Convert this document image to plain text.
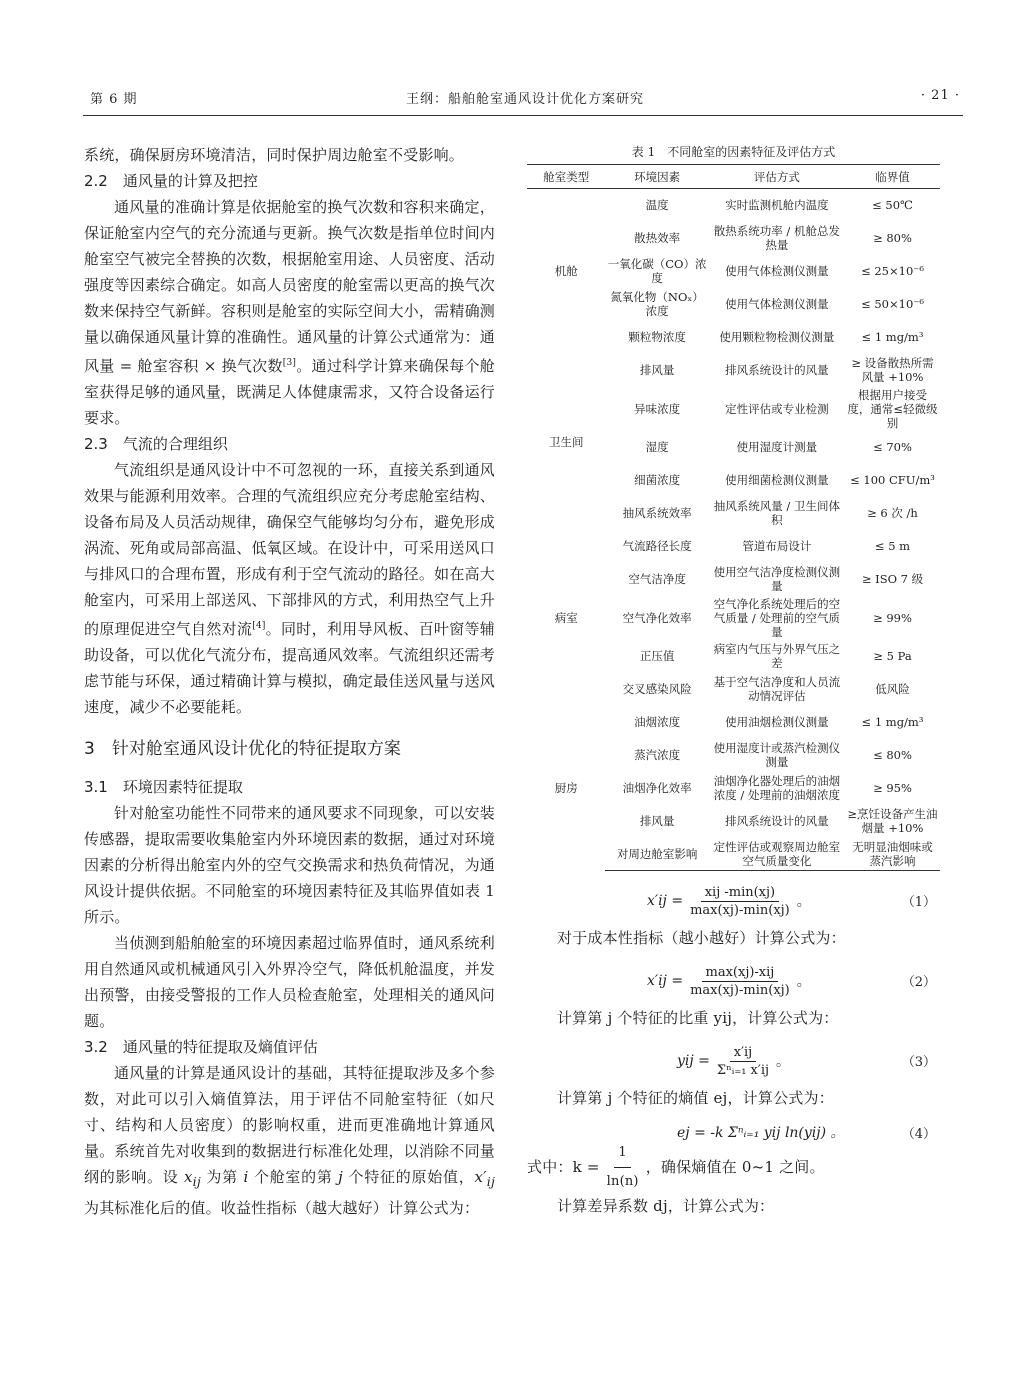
第 6 期	王纲：船舶舱室通风设计优化方案研究	· 21 ·
系统，确保厨房环境清洁，同时保护周边舱室不受影响。
2.2　通风量的计算及把控
通风量的准确计算是依据舱室的换气次数和容积来确定，保证舱室内空气的充分流通与更新。换气次数是指单位时间内舱室空气被完全替换的次数，根据舱室用途、人员密度、活动强度等因素综合确定。如高人员密度的舱室需以更高的换气次数来保持空气新鲜。容积则是舱室的实际空间大小，需精确测量以确保通风量计算的准确性。通风量的计算公式通常为：通风量 = 舱室容积 × 换气次数[3]。通过科学计算来确保每个舱室获得足够的通风量，既满足人体健康需求，又符合设备运行要求。
2.3　气流的合理组织
气流组织是通风设计中不可忽视的一环，直接关系到通风效果与能源利用效率。合理的气流组织应充分考虑舱室结构、设备布局及人员活动规律，确保空气能够均匀分布，避免形成涡流、死角或局部高温、低氧区域。在设计中，可采用送风口与排风口的合理布置，形成有利于空气流动的路径。如在高大舱室内，可采用上部送风、下部排风的方式，利用热空气上升的原理促进空气自然对流[4]。同时，利用导风板、百叶窗等辅助设备，可以优化气流分布，提高通风效率。气流组织还需考虑节能与环保，通过精确计算与模拟，确定最佳送风量与送风速度，减少不必要能耗。
3　针对舱室通风设计优化的特征提取方案
3.1　环境因素特征提取
针对舱室功能性不同带来的通风要求不同现象，可以安装传感器，提取需要收集舱室内外环境因素的数据，通过对环境因素的分析得出舱室内外的空气交换需求和热负荷情况，为通风设计提供依据。不同舱室的环境因素特征及其临界值如表 1 所示。
当侦测到船舶舱室的环境因素超过临界值时，通风系统利用自然通风或机械通风引入外界冷空气，降低机舱温度，并发出预警，由接受警报的工作人员检查舱室，处理相关的通风问题。
3.2　通风量的特征提取及熵值评估
通风量的计算是通风设计的基础，其特征提取涉及多个参数，对此可以引入熵值算法，用于评估不同舱室特征（如尺寸、结构和人员密度）的影响权重，进而更准确地计算通风量。系统首先对收集到的数据进行标准化处理，以消除不同量纲的影响。设 $x_{ij}$ 为第 i 个舱室的第 j 个特征的原始值，$x'_{ij}$ 为其标准化后的值。收益性指标（越大越好）计算公式为：
表 1　不同舱室的因素特征及评估方式
舱室类型	环境因素	评估方式	临界值
机舱	温度	实时监测机舱内温度	≤ 50℃
	散热效率	散热系统功率 / 机舱总发热量	≥ 80%
	一氧化碳（CO）浓度	使用气体检测仪测量	≤ 25×10⁻⁶
	氮氧化物（NOₓ）浓度	使用气体检测仪测量	≤ 50×10⁻⁶
	颗粒物浓度	使用颗粒物检测仪测量	≤ 1 mg/m³
卫生间	排风量	排风系统设计的风量	≥ 设备散热所需风量 +10%
	异味浓度	定性评估或专业检测	根据用户接受度，通常≤轻微级别
	湿度	使用湿度计测量	≤ 70%
	细菌浓度	使用细菌检测仪测量	≤ 100 CFU/m³
	抽风系统效率	抽风系统风量 / 卫生间体积	≥ 6 次 /h
病室	气流路径长度	管道布局设计	≤ 5 m
	空气洁净度	使用空气洁净度检测仪测量	≥ ISO 7 级
	空气净化效率	空气净化系统处理后的空气质量 / 处理前的空气质量	≥ 99%
	正压值	病室内气压与外界气压之差	≥ 5 Pa
	交叉感染风险	基于空气洁净度和人员流动情况评估	低风险
厨房	油烟浓度	使用油烟检测仪测量	≤ 1 mg/m³
	蒸汽浓度	使用湿度计或蒸汽检测仪测量	≤ 80%
	油烟净化效率	油烟净化器处理后的油烟浓度 / 处理前的油烟浓度	≥ 95%
	排风量	排风系统设计的风量	≥烹饪设备产生油烟量 +10%
	对周边舱室影响	定性评估或观察周边舱室空气质量变化	无明显油烟味或蒸汽影响
$x'ij = \frac{\text{xij -min(xj)}}{\max(xj)-\min(xj)}$ 。	（1）
对于成本性指标（越小越好）计算公式为：
$x'ij = \frac{\text{max(xj)-xij}}{\max(xj)-\min(xj)}$ 。	（2）
计算第 j 个特征的比重 yij，计算公式为：
yij = $\frac{x'ij}{\text{Σⁿᵢ₌₁ x′ij}}$ 。	（3）
计算第 j 个特征的熵值 ej，计算公式为：
ej = -k Σⁿᵢ₌₁ yij ln(yij) 。	（4）
式中：$k = \frac{1}{\ln(n)}$ ，确保熵值在 0~1 之间。
计算差异系数 dj，计算公式为：
